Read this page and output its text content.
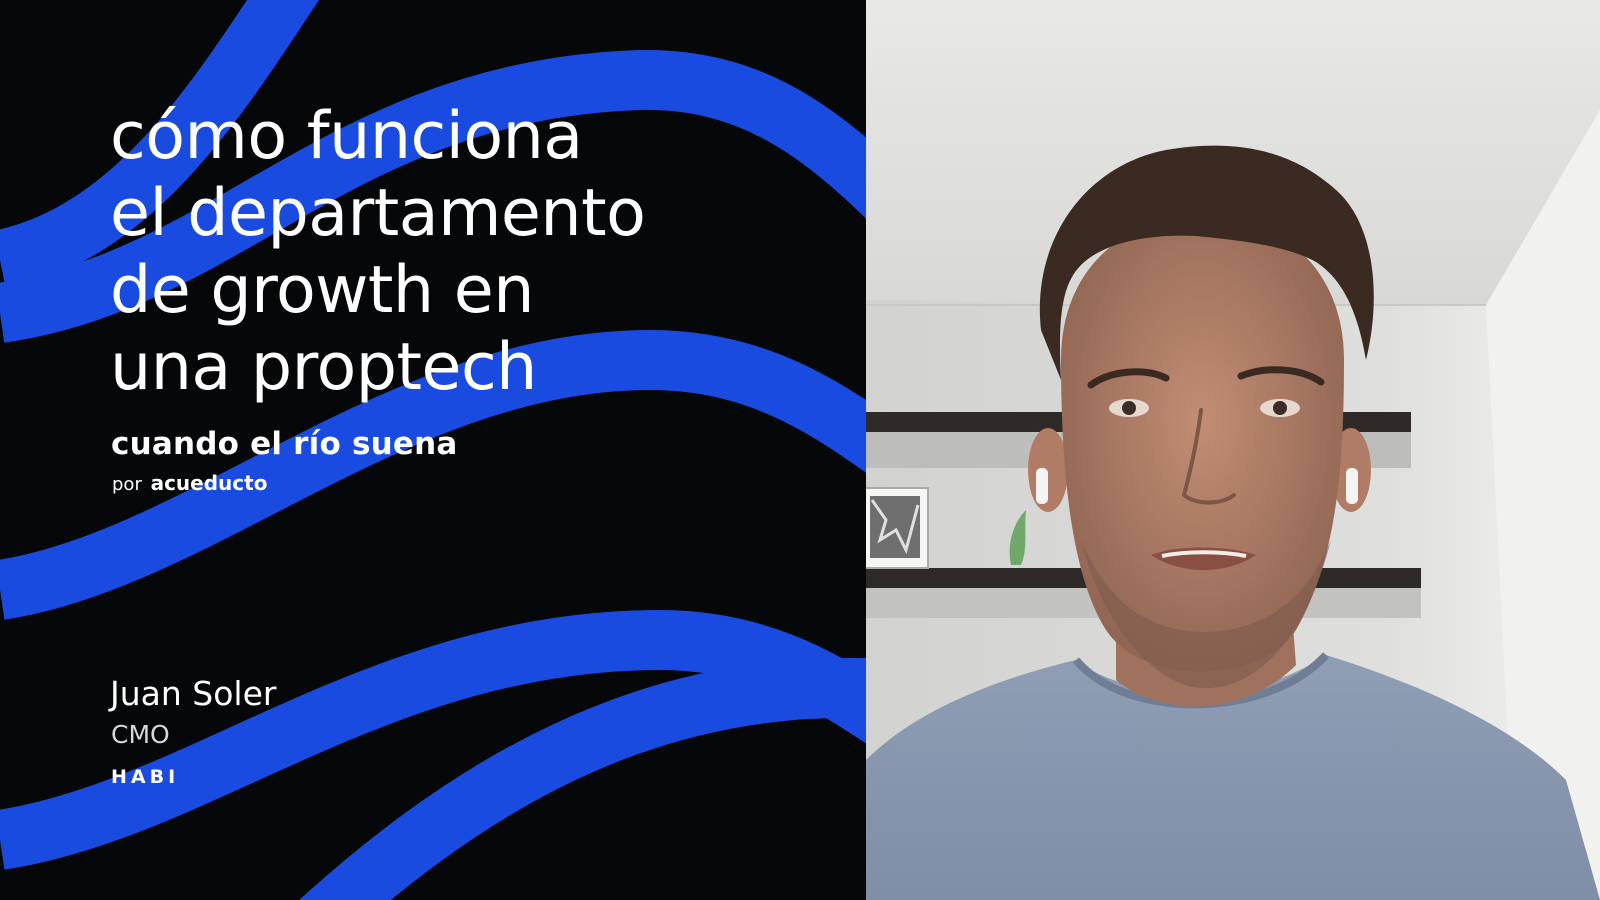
cómo funciona
el departamento
de growth en
una proptech
cuando el río suena
por acueducto
Juan Soler
CMO
HABI
